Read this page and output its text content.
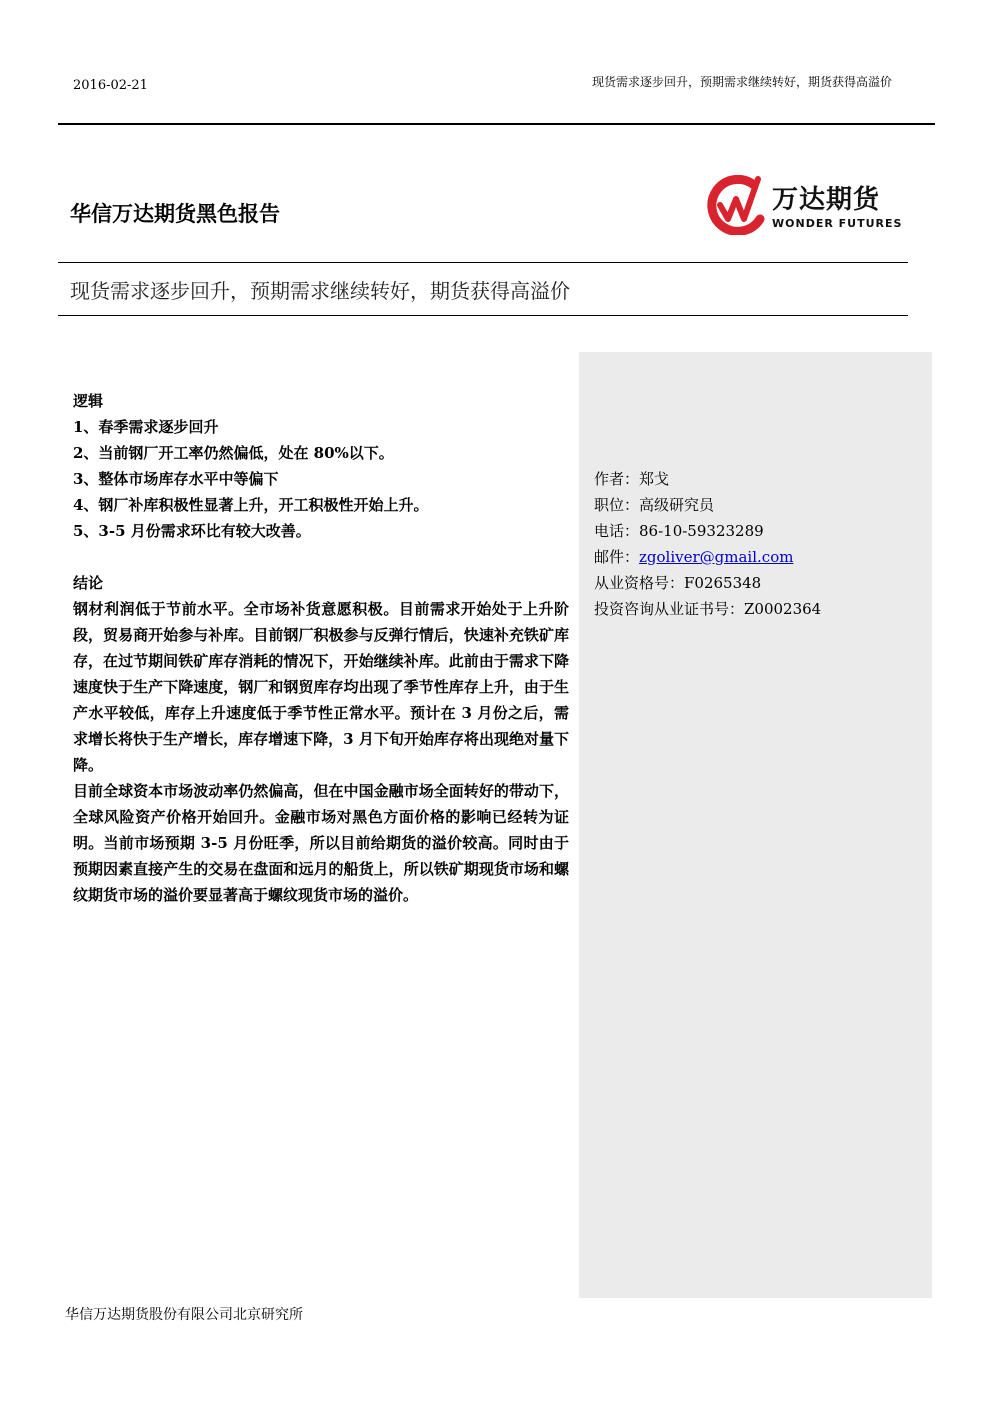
2016-02-21	现货需求逐步回升，预期需求继续转好，期货获得高溢价
华信万达期货黑色报告	万达期货
WONDER FUTURES
现货需求逐步回升，预期需求继续转好，期货获得高溢价
作者：郑戈
职位：高级研究员
电话：86-10-59323289
邮件：zgoliver@gmail.com
从业资格号：F0265348
投资咨询从业证书号：Z0002364

逻辑

1、春季需求逐步回升

2、当前钢厂开工率仍然偏低，处在 80%以下。

3、整体市场库存水平中等偏下

4、钢厂补库积极性显著上升，开工积极性开始上升。

5、3-5 月份需求环比有较大改善。

结论

钢材利润低于节前水平。全市场补货意愿积极。目前需求开始处于上升阶段，贸易商开始参与补库。目前钢厂积极参与反弹行情后，快速补充铁矿库存，在过节期间铁矿库存消耗的情况下，开始继续补库。此前由于需求下降速度快于生产下降速度，钢厂和钢贸库存均出现了季节性库存上升，由于生产水平较低，库存上升速度低于季节性正常水平。预计在 3 月份之后，需求增长将快于生产增长，库存增速下降，3 月下旬开始库存将出现绝对量下降。

目前全球资本市场波动率仍然偏高，但在中国金融市场全面转好的带动下，全球风险资产价格开始回升。金融市场对黑色方面价格的影响已经转为证明。当前市场预期 3-5 月份旺季，所以目前给期货的溢价较高。同时由于预期因素直接产生的交易在盘面和远月的船货上，所以铁矿期现货市场和螺纹期货市场的溢价要显著高于螺纹现货市场的溢价。

华信万达期货股份有限公司北京研究所
